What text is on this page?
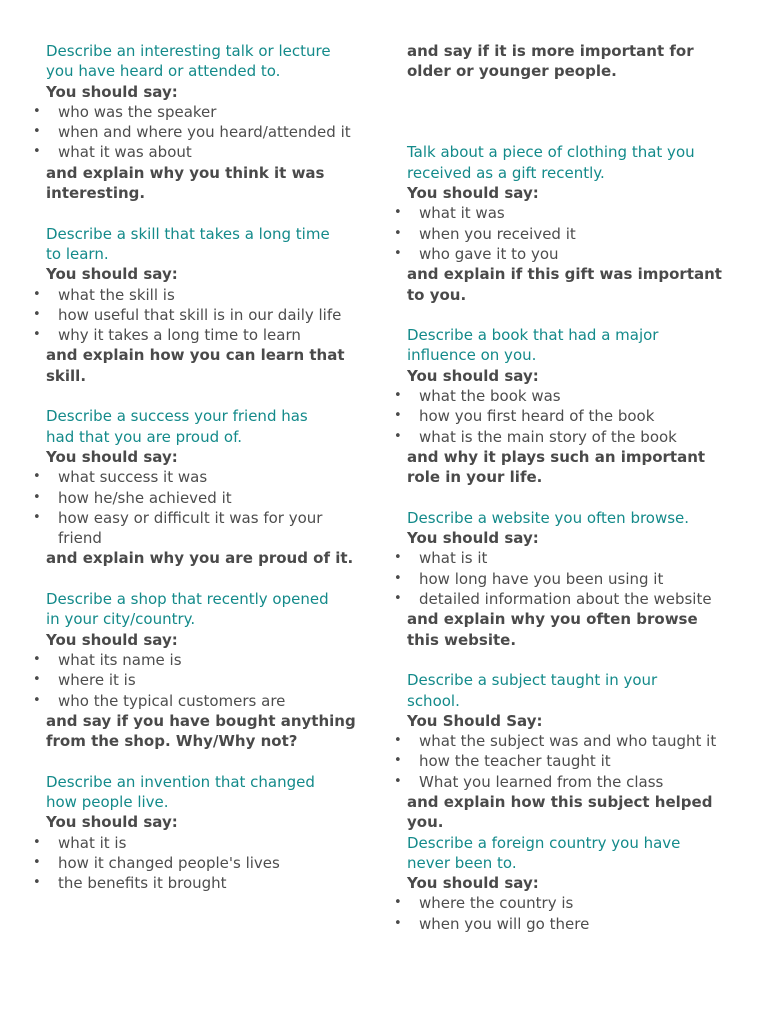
Describe an interesting talk or lecture
you have heard or attended to.
You should say:
• who was the speaker
• when and where you heard/attended it
• what it was about
and explain why you think it was interesting.
Describe a skill that takes a long time
to learn.
You should say:
• what the skill is
• how useful that skill is in our daily life
• why it takes a long time to learn
and explain how you can learn that skill.
Describe a success your friend has
had that you are proud of.
You should say:
• what success it was
• how he/she achieved it
• how easy or difficult it was for your friend
and explain why you are proud of it.
Describe a shop that recently opened
in your city/country.
You should say:
• what its name is
• where it is
• who the typical customers are
and say if you have bought anything from the shop. Why/Why not?
Describe an invention that changed
how people live.
You should say:
• what it is
• how it changed people's lives
• the benefits it brought
and say if it is more important for older or younger people.
Talk about a piece of clothing that you
received as a gift recently.
You should say:
• what it was
• when you received it
• who gave it to you
and explain if this gift was important to you.
Describe a book that had a major
influence on you.
You should say:
• what the book was
• how you first heard of the book
• what is the main story of the book
and why it plays such an important role in your life.
Describe a website you often browse.
You should say:
• what is it
• how long have you been using it
• detailed information about the website
and explain why you often browse this website.
Describe a subject taught in your
school.
You Should Say:
• what the subject was and who taught it
• how the teacher taught it
• What you learned from the class
and explain how this subject helped you.
Describe a foreign country you have
never been to.
You should say:
• where the country is
• when you will go there
